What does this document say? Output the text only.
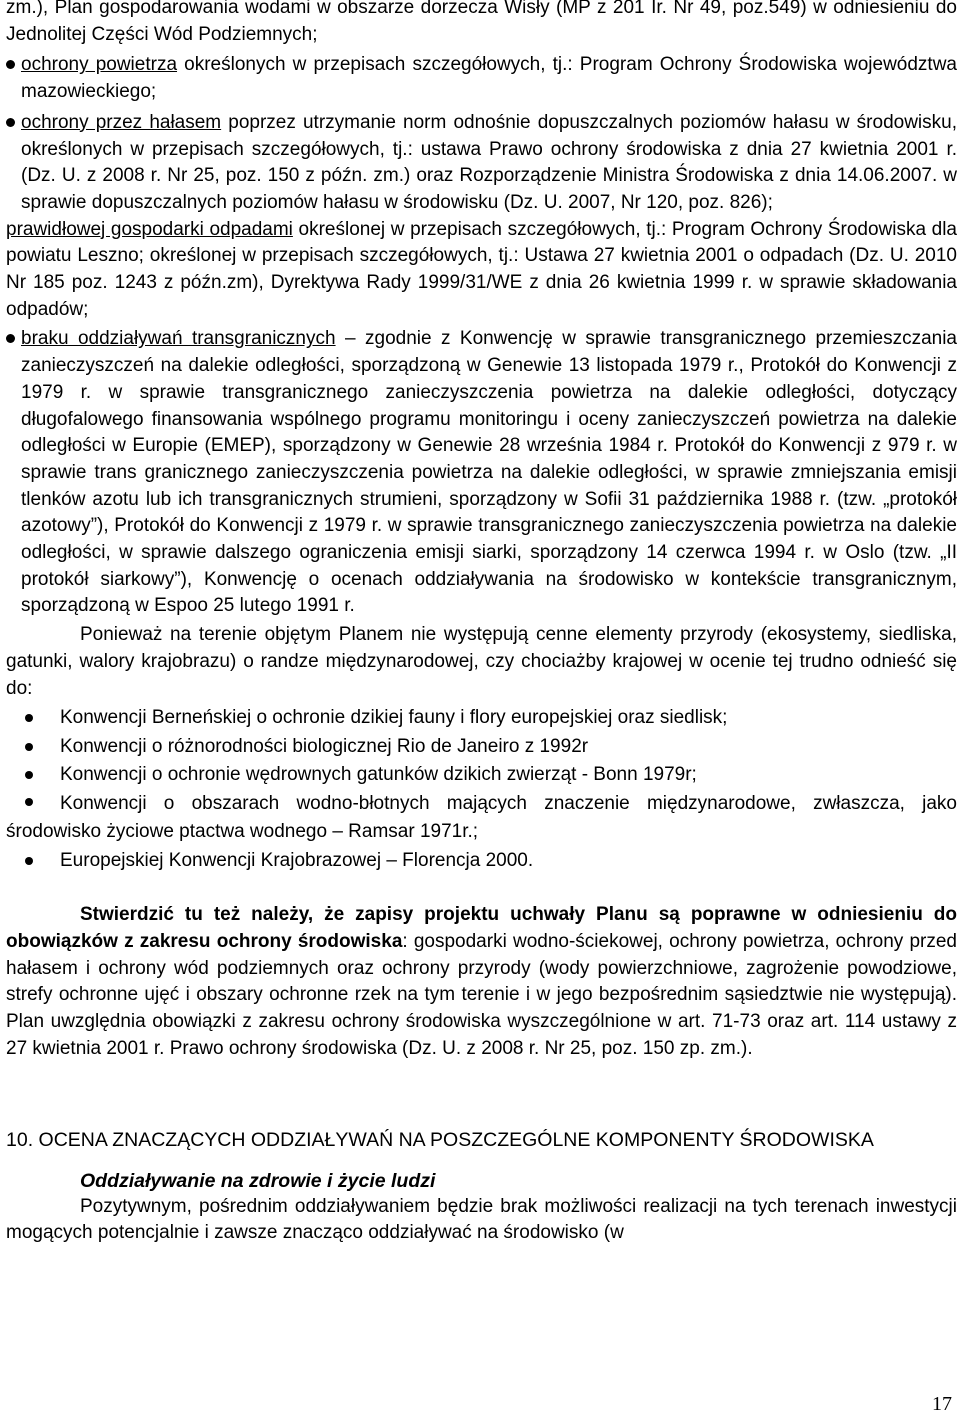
zm.), Plan gospodarowania wodami w obszarze dorzecza Wisły (MP z 201 Ir. Nr 49, poz.549) w odniesieniu do Jednolitej Części Wód Podziemnych;

ochrony powietrza określonych w przepisach szczegółowych, tj.: Program Ochrony Środowiska województwa mazowieckiego;
ochrony przez hałasem poprzez utrzymanie norm odnośnie dopuszczalnych poziomów hałasu w środowisku, określonych w przepisach szczegółowych, tj.: ustawa Prawo ochrony środowiska z dnia 27 kwietnia 2001 r. (Dz. U. z 2008 r. Nr 25, poz. 150 z późn. zm.) oraz Rozporządzenie Ministra Środowiska z dnia 14.06.2007. w sprawie dopuszczalnych poziomów hałasu w środowisku (Dz. U. 2007, Nr 120, poz. 826);
prawidłowej gospodarki odpadami określonej w przepisach szczegółowych, tj.: Program Ochrony Środowiska dla powiatu Leszno; określonej w przepisach szczegółowych, tj.: Ustawa 27 kwietnia 2001 o odpadach (Dz. U. 2010 Nr 185 poz. 1243 z późn.zm), Dyrektywa Rady 1999/31/WE z dnia 26 kwietnia 1999 r. w sprawie składowania odpadów;
braku oddziaływań transgranicznych – zgodnie z Konwencję w sprawie transgranicznego przemieszczania zanieczyszczeń na dalekie odległości, sporządzoną w Genewie 13 listopada 1979 r., Protokół do Konwencji z 1979 r. w sprawie transgranicznego zanieczyszczenia powietrza na dalekie odległości, dotyczący długofalowego finansowania wspólnego programu monitoringu i oceny zanieczyszczeń powietrza na dalekie odległości w Europie (EMEP), sporządzony w Genewie 28 września 1984 r. Protokół do Konwencji z 979 r. w sprawie trans granicznego zanieczyszczenia powietrza na dalekie odległości, w sprawie zmniejszania emisji tlenków azotu lub ich transgranicznych strumieni, sporządzony w Sofii 31 października 1988 r. (tzw. „protokół azotowy”), Protokół do Konwencji z 1979 r. w sprawie transgranicznego zanieczyszczenia powietrza na dalekie odległości, w sprawie dalszego ograniczenia emisji siarki, sporządzony 14 czerwca 1994 r. w Oslo (tzw. „II protokół siarkowy”), Konwencję o ocenach oddziaływania na środowisko w kontekście transgranicznym, sporządzoną w Espoo 25 lutego 1991 r.

Ponieważ na terenie objętym Planem nie występują cenne elementy przyrody (ekosystemy, siedliska, gatunki, walory krajobrazu) o randze międzynarodowej, czy chociażby krajowej w ocenie tej trudno odnieść się do:

Konwencji Berneńskiej o ochronie dzikiej fauny i flory europejskiej oraz siedlisk;
Konwencji o różnorodności biologicznej Rio de Janeiro z 1992r
Konwencji o ochronie wędrownych gatunków dzikich zwierząt - Bonn 1979r;
Konwencji o obszarach wodno-błotnych mających znaczenie międzynarodowe, zwłaszcza, jako środowisko życiowe ptactwa wodnego – Ramsar 1971r.;
Europejskiej Konwencji Krajobrazowej – Florencja 2000.

Stwierdzić tu też należy, że zapisy projektu uchwały Planu są poprawne w odniesieniu do obowiązków z zakresu ochrony środowiska: gospodarki wodno-ściekowej, ochrony powietrza, ochrony przed hałasem i ochrony wód podziemnych oraz ochrony przyrody (wody powierzchniowe, zagrożenie powodziowe, strefy ochronne ujęć i obszary ochronne rzek na tym terenie i w jego bezpośrednim sąsiedztwie nie występują). Plan uwzględnia obowiązki z zakresu ochrony środowiska wyszczególnione w art. 71-73 oraz art. 114 ustawy z 27 kwietnia 2001 r. Prawo ochrony środowiska (Dz. U. z 2008 r. Nr 25, poz. 150 zp. zm.).

10. OCENA ZNACZĄCYCH ODDZIAŁYWAŃ NA POSZCZEGÓLNE KOMPONENTY ŚRODOWISKA

Oddziaływanie na zdrowie i życie ludzi

Pozytywnym, pośrednim oddziaływaniem będzie brak możliwości realizacji na tych terenach inwestycji mogących potencjalnie i zawsze znacząco oddziaływać na środowisko (w

17
